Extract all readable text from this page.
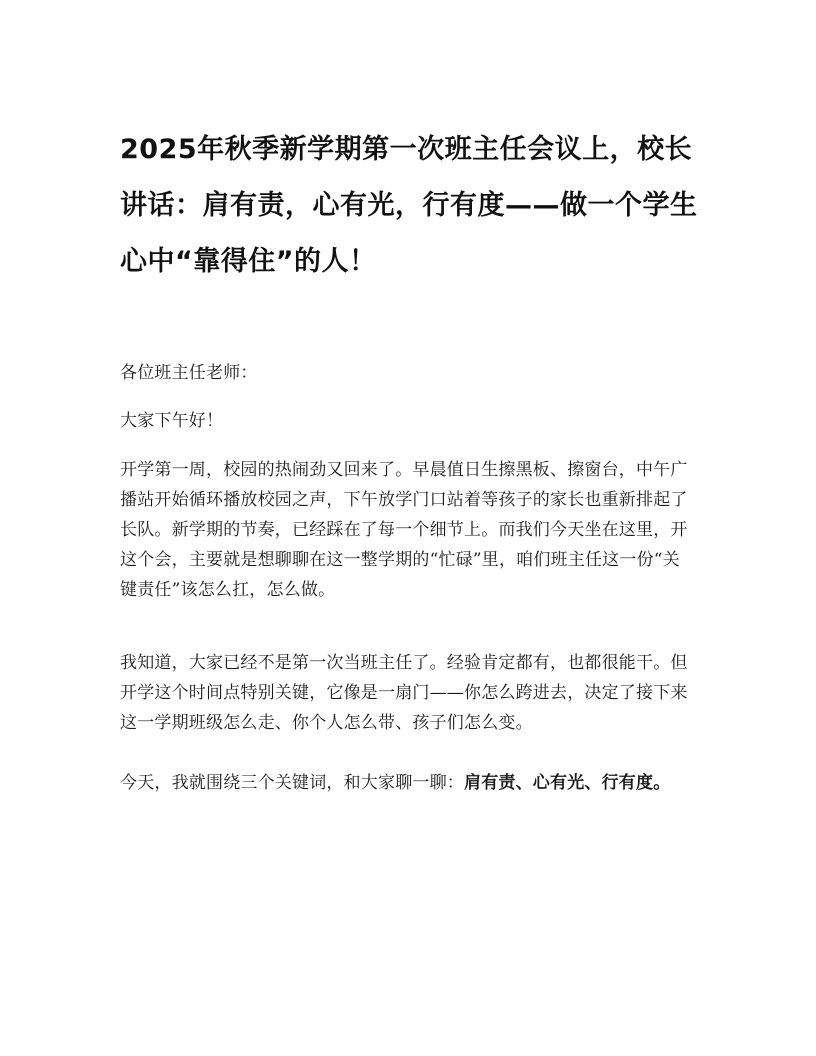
2025年秋季新学期第一次班主任会议上，校长讲话：肩有责，心有光，行有度——做一个学生心中“靠得住”的人！

各位班主任老师：

大家下午好！

开学第一周，校园的热闹劲又回来了。早晨值日生擦黑板、擦窗台，中午广播站开始循环播放校园之声，下午放学门口站着等孩子的家长也重新排起了长队。新学期的节奏，已经踩在了每一个细节上。而我们今天坐在这里，开这个会，主要就是想聊聊在这一整学期的“忙碌”里，咱们班主任这一份“关键责任”该怎么扛，怎么做。

我知道，大家已经不是第一次当班主任了。经验肯定都有，也都很能干。但开学这个时间点特别关键，它像是一扇门——你怎么跨进去，决定了接下来这一学期班级怎么走、你个人怎么带、孩子们怎么变。

今天，我就围绕三个关键词，和大家聊一聊：肩有责、心有光、行有度。
